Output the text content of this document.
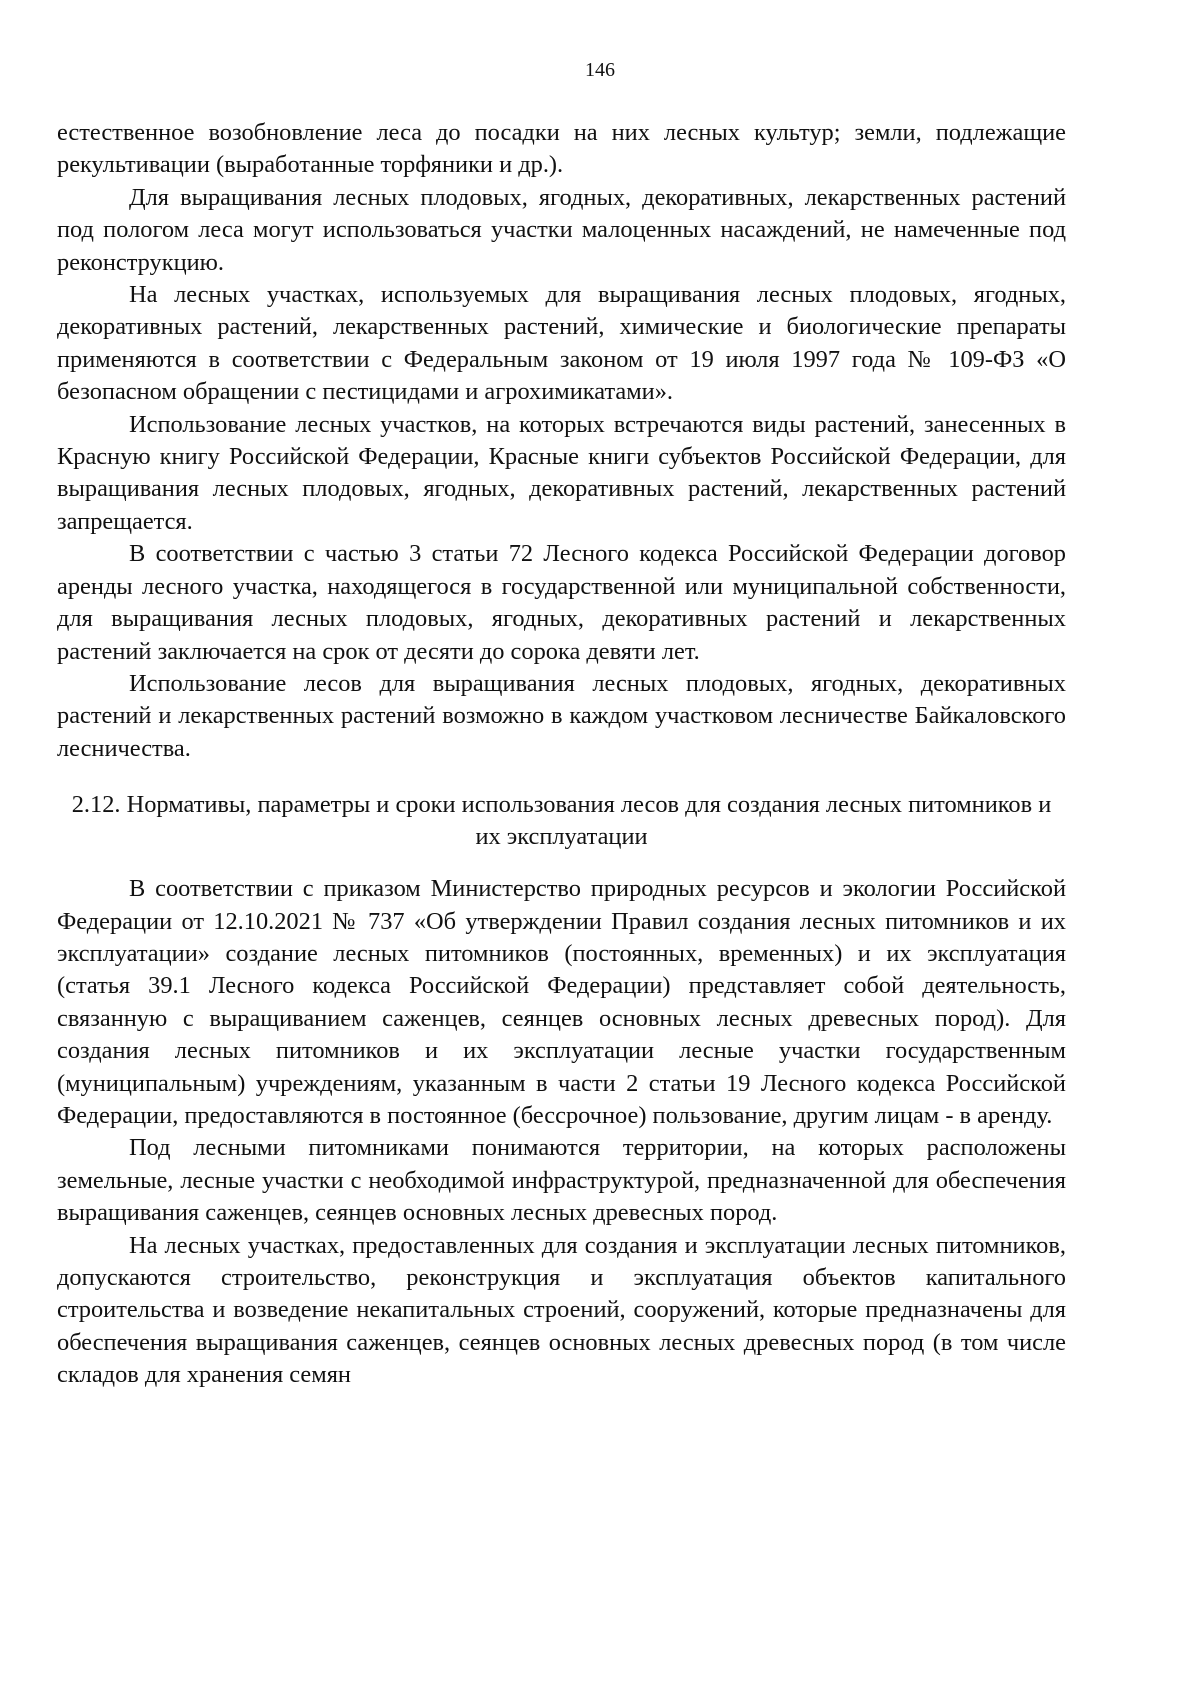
146

естественное возобновление леса до посадки на них лесных культур; земли, подлежащие рекультивации (выработанные торфяники и др.).

Для выращивания лесных плодовых, ягодных, декоративных, лекарственных растений под пологом леса могут использоваться участки малоценных насаждений, не намеченные под реконструкцию.

На лесных участках, используемых для выращивания лесных плодовых, ягодных, декоративных растений, лекарственных растений, химические и биологические препараты применяются в соответствии с Федеральным законом от 19 июля 1997 года № 109-ФЗ «О безопасном обращении с пестицидами и агрохимикатами».

Использование лесных участков, на которых встречаются виды растений, занесенных в Красную книгу Российской Федерации, Красные книги субъектов Российской Федерации, для выращивания лесных плодовых, ягодных, декоративных растений, лекарственных растений запрещается.

В соответствии с частью 3 статьи 72 Лесного кодекса Российской Федерации договор аренды лесного участка, находящегося в государственной или муниципальной собственности, для выращивания лесных плодовых, ягодных, декоративных растений и лекарственных растений заключается на срок от десяти до сорока девяти лет.

Использование лесов для выращивания лесных плодовых, ягодных, декоративных растений и лекарственных растений возможно в каждом участковом лесничестве Байкаловского лесничества.

2.12. Нормативы, параметры и сроки использования лесов для создания лесных питомников и их эксплуатации

В соответствии с приказом Министерство природных ресурсов и экологии Российской Федерации от 12.10.2021 № 737 «Об утверждении Правил создания лесных питомников и их эксплуатации» создание лесных питомников (постоянных, временных) и их эксплуатация (статья 39.1 Лесного кодекса Российской Федерации) представляет собой деятельность, связанную с выращиванием саженцев, сеянцев основных лесных древесных пород). Для создания лесных питомников и их эксплуатации лесные участки государственным (муниципальным) учреждениям, указанным в части 2 статьи 19 Лесного кодекса Российской Федерации, предоставляются в постоянное (бессрочное) пользование, другим лицам - в аренду.

Под лесными питомниками понимаются территории, на которых расположены земельные, лесные участки с необходимой инфраструктурой, предназначенной для обеспечения выращивания саженцев, сеянцев основных лесных древесных пород.

На лесных участках, предоставленных для создания и эксплуатации лесных питомников, допускаются строительство, реконструкция и эксплуатация объектов капитального строительства и возведение некапитальных строений, сооружений, которые предназначены для обеспечения выращивания саженцев, сеянцев основных лесных древесных пород (в том числе складов для хранения семян
